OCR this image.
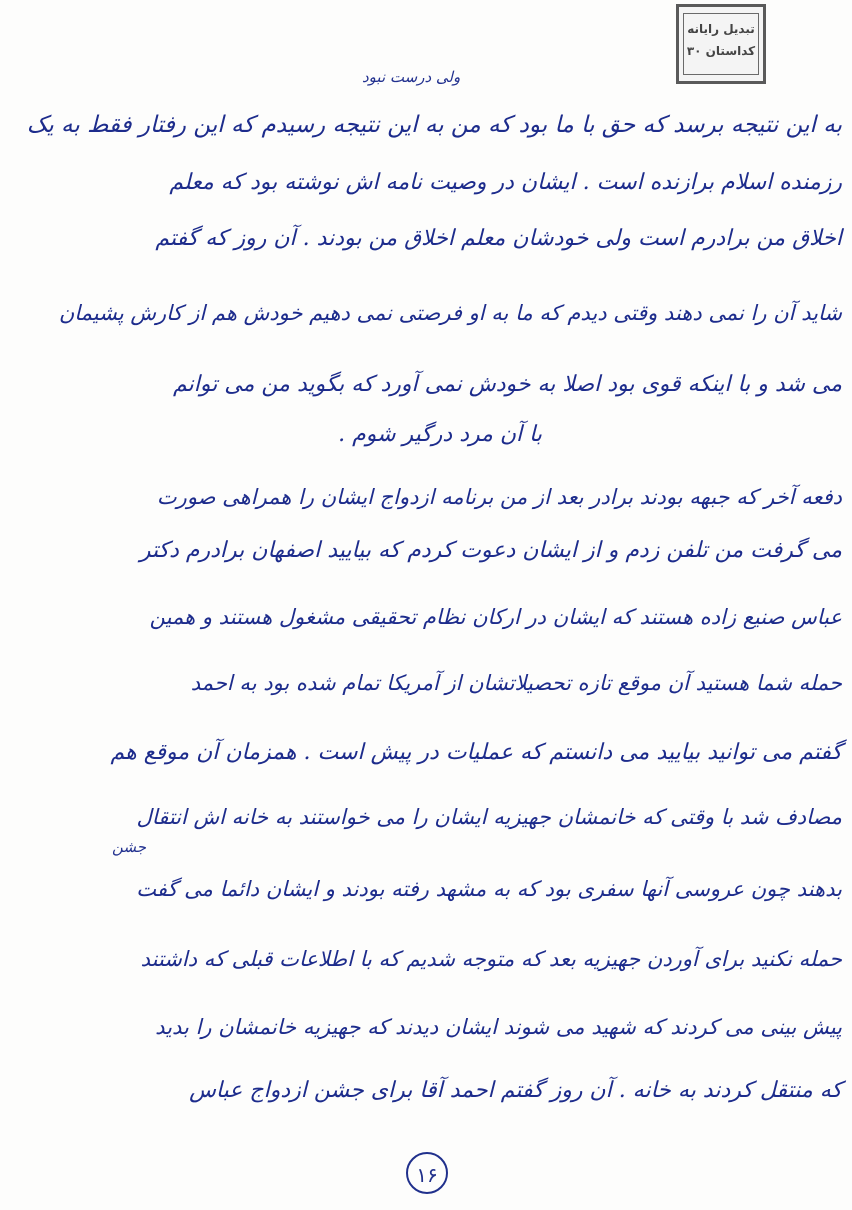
تبدیل رایانه
کداستان ۳۰
ولی درست نبود
جشن
به این نتیجه برسد که حق با ما بود که من به این نتیجه رسیدم که این رفتار فقط به یک
رزمنده اسلام برازنده است . ایشان در وصیت نامه اش نوشته بود که معلم
اخلاق من برادرم است ولی خودشان معلم اخلاق من بودند . آن روز که گفتم
شاید آن را نمی دهند وقتی دیدم که ما به او فرصتی نمی دهیم خودش هم از کارش پشیمان
می شد و با اینکه قوی بود اصلا به خودش نمی آورد که بگوید من می توانم
با آن مرد درگیر شوم .
دفعه آخر که جبهه بودند برادر بعد از من برنامه ازدواج ایشان را همراهی صورت
می گرفت من تلفن زدم و از ایشان دعوت کردم که بیایید اصفهان برادرم دکتر
عباس صنیع زاده هستند که ایشان در ارکان نظام تحقیقی مشغول هستند و همین
حمله شما هستید آن موقع تازه تحصیلاتشان از آمریکا تمام شده بود به احمد
گفتم می توانید بیایید می دانستم که عملیات در پیش است . همزمان آن موقع هم
مصادف شد با وقتی که خانمشان جهیزیه ایشان را می خواستند به خانه اش انتقال
بدهند چون عروسی آنها سفری بود که به مشهد رفته بودند و ایشان دائما می گفت
حمله نکنید برای آوردن جهیزیه بعد که متوجه شدیم که با اطلاعات قبلی که داشتند
پیش بینی می کردند که شهید می شوند ایشان دیدند که جهیزیه خانمشان را بدید
که منتقل کردند به خانه . آن روز گفتم احمد آقا برای جشن ازدواج عباس
۱۶
